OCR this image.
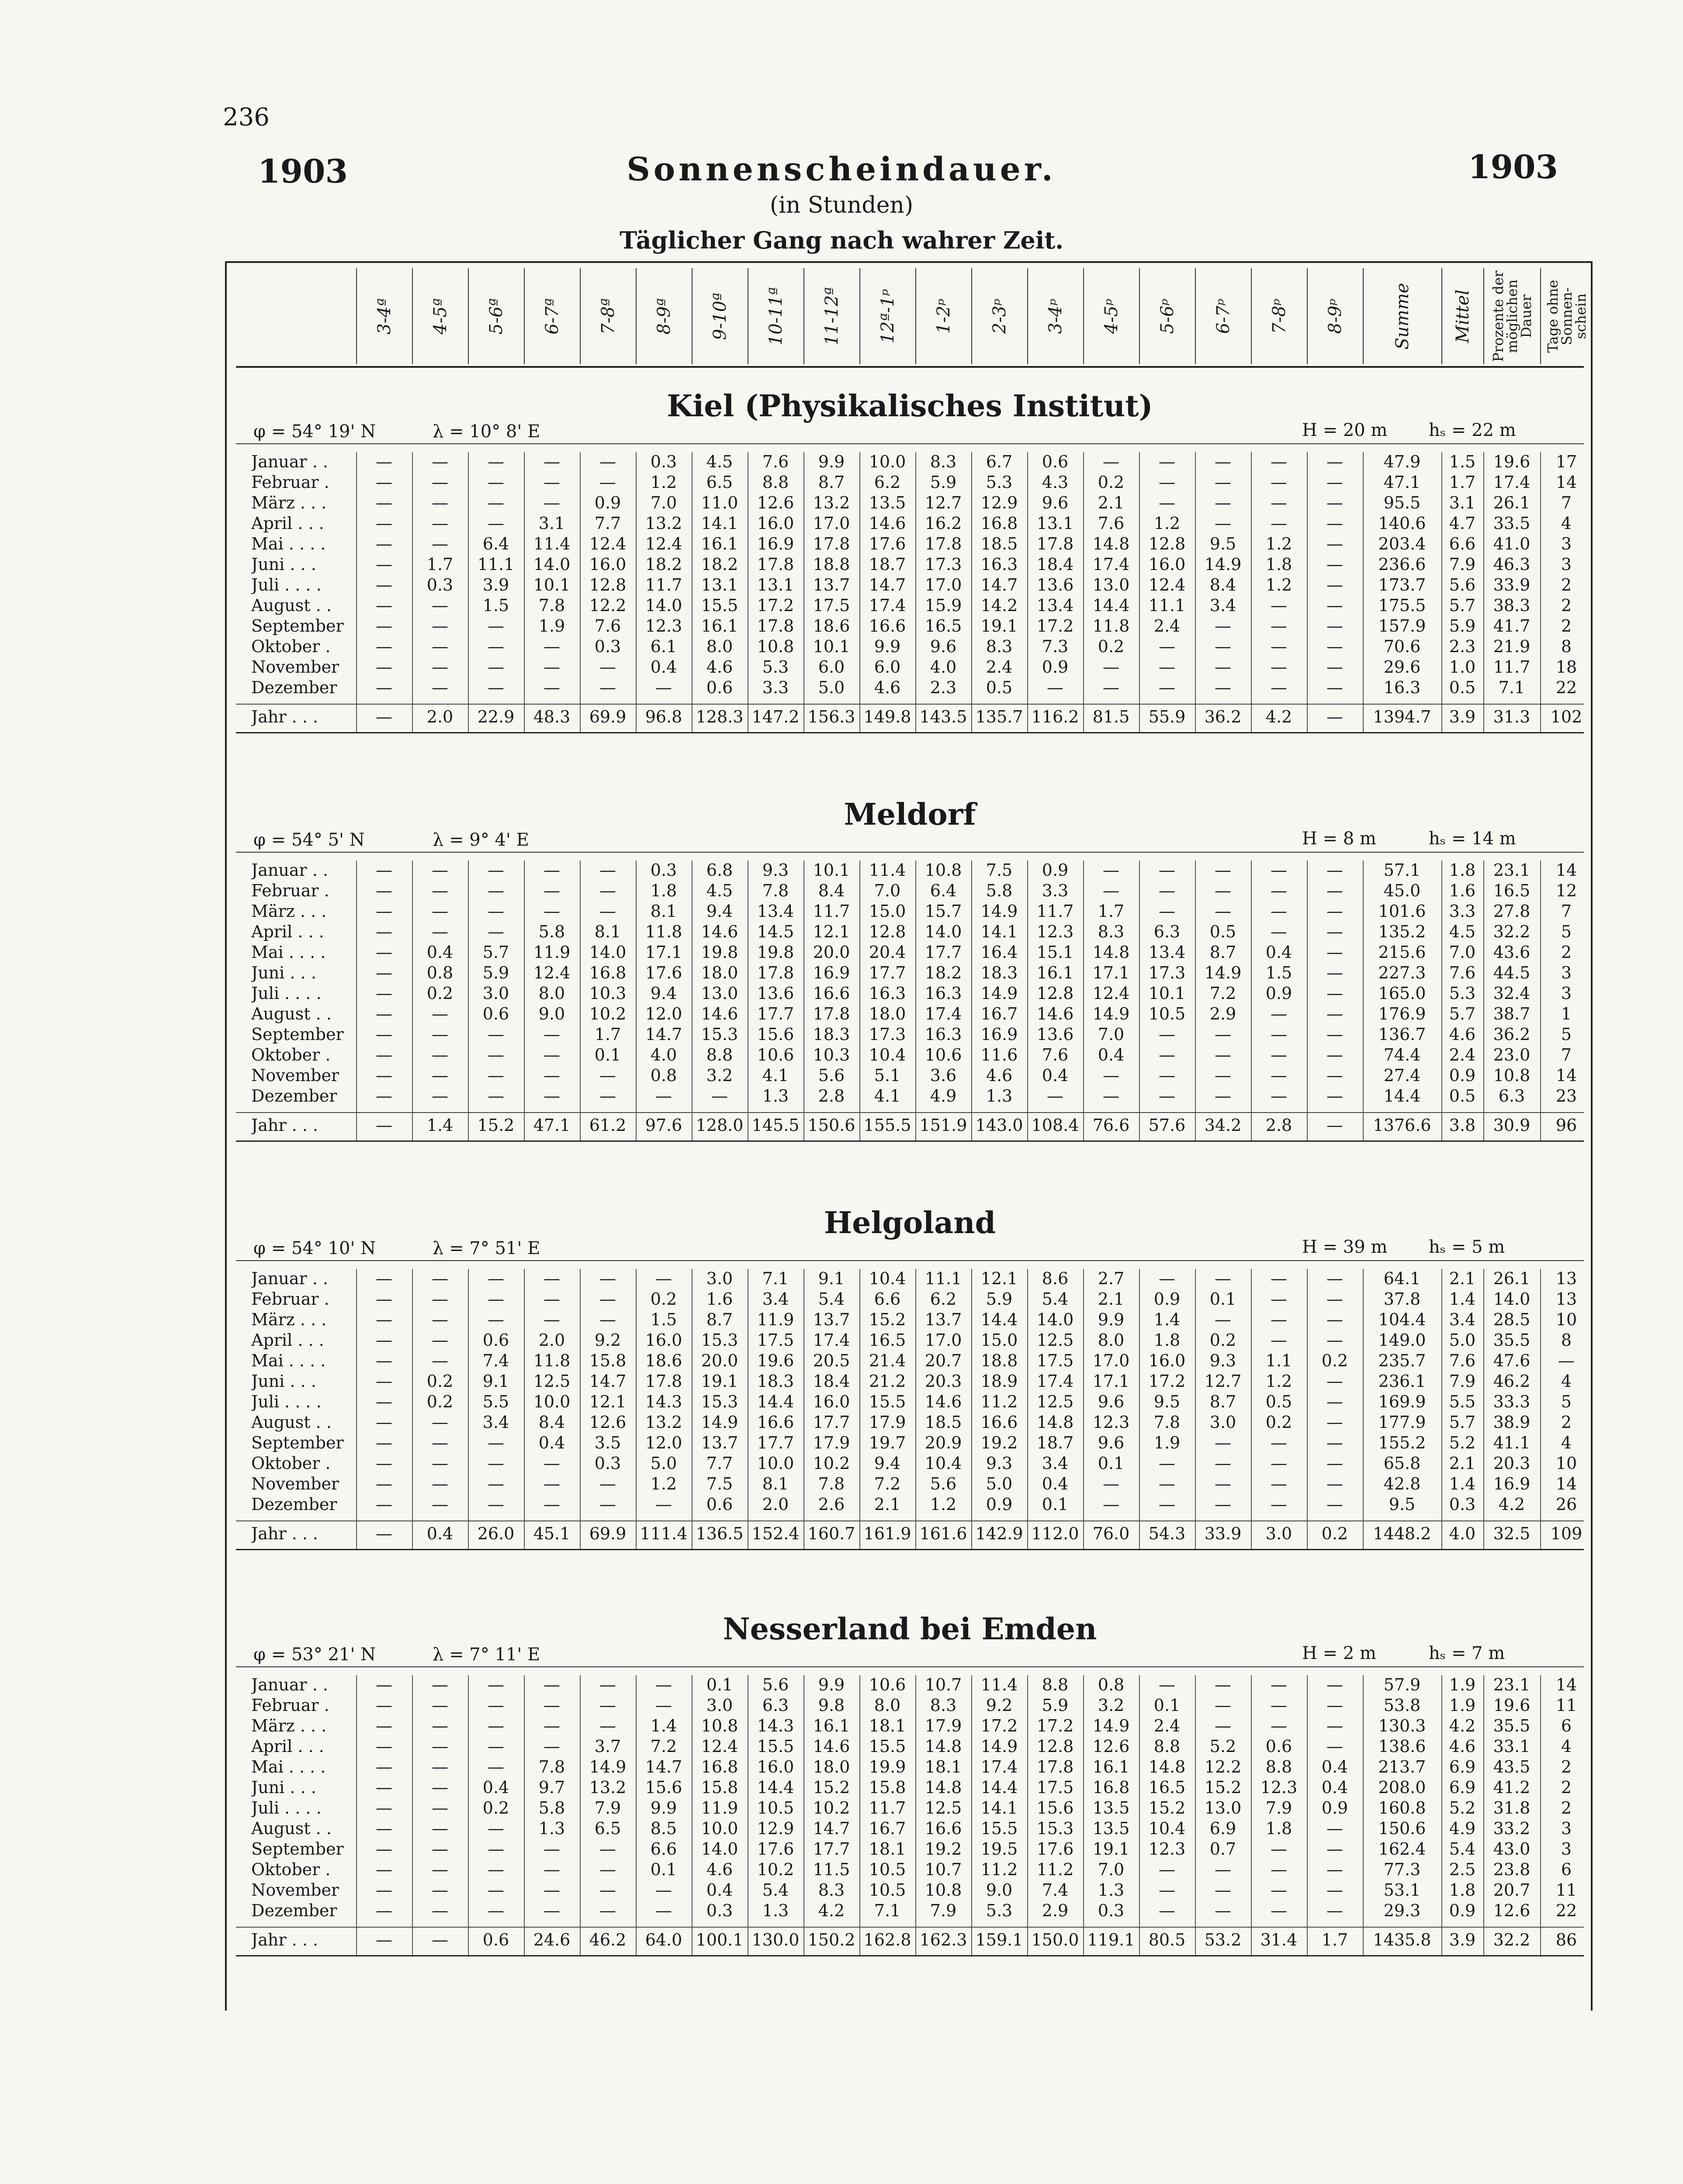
236
1903	Sonnenscheindauer.	1903
(in Stunden)
Täglicher Gang nach wahrer Zeit.
3-4ª 4-5ª 5-6ª 6-7ª 7-8ª 8-9ª 9-10ª 10-11ª 11-12ª 12ª-1ᵖ 1-2ᵖ 2-3ᵖ 3-4ᵖ 4-5ᵖ 5-6ᵖ 6-7ᵖ 7-8ᵖ 8-9ᵖ	Summe Mittel Prozente der möglichen Dauer Tage ohne Sonnen-schein
Kiel (Physikalisches Institut)
φ = 54° 19' N	λ = 10° 8' E	H = 20 m hₛ = 22 m
Januar . .	—	—	—	—	—	0.3	4.5	7.6	9.9	10.0	8.3	6.7	0.6	—	—	—	—	—	47.9	1.5	19.6	17
Februar .	—	—	—	—	—	1.2	6.5	8.8	8.7	6.2	5.9	5.3	4.3	0.2	—	—	—	—	47.1	1.7	17.4	14
März . . .	—	—	—	—	0.9	7.0	11.0	12.6	13.2	13.5	12.7	12.9	9.6	2.1	—	—	—	—	95.5	3.1	26.1	7
April . . .	—	—	—	3.1	7.7	13.2	14.1	16.0	17.0	14.6	16.2	16.8	13.1	7.6	1.2	—	—	—	140.6	4.7	33.5	4
Mai . . . .	—	—	6.4	11.4	12.4	12.4	16.1	16.9	17.8	17.6	17.8	18.5	17.8	14.8	12.8	9.5	1.2	—	203.4	6.6	41.0	3
Juni . . .	—	1.7	11.1	14.0	16.0	18.2	18.2	17.8	18.8	18.7	17.3	16.3	18.4	17.4	16.0	14.9	1.8	—	236.6	7.9	46.3	3
Juli . . . .	—	0.3	3.9	10.1	12.8	11.7	13.1	13.1	13.7	14.7	17.0	14.7	13.6	13.0	12.4	8.4	1.2	—	173.7	5.6	33.9	2
August . .	—	—	1.5	7.8	12.2	14.0	15.5	17.2	17.5	17.4	15.9	14.2	13.4	14.4	11.1	3.4	—	—	175.5	5.7	38.3	2
September	—	—	—	1.9	7.6	12.3	16.1	17.8	18.6	16.6	16.5	19.1	17.2	11.8	2.4	—	—	—	157.9	5.9	41.7	2
Oktober .	—	—	—	—	0.3	6.1	8.0	10.8	10.1	9.9	9.6	8.3	7.3	0.2	—	—	—	—	70.6	2.3	21.9	8
November	—	—	—	—	—	0.4	4.6	5.3	6.0	6.0	4.0	2.4	0.9	—	—	—	—	—	29.6	1.0	11.7	18
Dezember	—	—	—	—	—	—	0.6	3.3	5.0	4.6	2.3	0.5	—	—	—	—	—	—	16.3	0.5	7.1	22
Jahr . . .	—	2.0	22.9	48.3	69.9	96.8 128.3 147.2 156.3 149.8 143.5 135.7 116.2 81.5	55.9	36.2	4.2	—	1394.7	3.9	31.3	102
Meldorf
φ = 54° 5' N	λ = 9° 4' E	H = 8 m	hₛ = 14 m
Januar . .	—	—	—	—	—	0.3	6.8	9.3	10.1	11.4	10.8	7.5	0.9	—	—	—	—	—	57.1	1.8	23.1	14
Februar .	—	—	—	—	—	1.8	4.5	7.8	8.4	7.0	6.4	5.8	3.3	—	—	—	—	—	45.0	1.6	16.5	12
März . . .	—	—	—	—	—	8.1	9.4	13.4	11.7	15.0	15.7	14.9	11.7	1.7	—	—	—	—	101.6	3.3	27.8	7
April . . .	—	—	—	5.8	8.1	11.8	14.6	14.5	12.1	12.8	14.0	14.1	12.3	8.3	6.3	0.5	—	—	135.2	4.5	32.2	5
Mai . . . .	—	0.4	5.7	11.9	14.0	17.1	19.8	19.8	20.0	20.4	17.7	16.4	15.1	14.8	13.4	8.7	0.4	—	215.6	7.0	43.6	2
Juni . . .	—	0.8	5.9	12.4	16.8	17.6	18.0	17.8	16.9	17.7	18.2	18.3	16.1	17.1	17.3	14.9	1.5	—	227.3	7.6	44.5	3
Juli . . . .	—	0.2	3.0	8.0	10.3	9.4	13.0	13.6	16.6	16.3	16.3	14.9	12.8	12.4	10.1	7.2	0.9	—	165.0	5.3	32.4	3
August . .	—	—	0.6	9.0	10.2	12.0	14.6	17.7	17.8	18.0	17.4	16.7	14.6	14.9	10.5	2.9	—	—	176.9	5.7	38.7	1
September	—	—	—	—	1.7	14.7	15.3	15.6	18.3	17.3	16.3	16.9	13.6	7.0	—	—	—	—	136.7	4.6	36.2	5
Oktober .	—	—	—	—	0.1	4.0	8.8	10.6	10.3	10.4	10.6	11.6	7.6	0.4	—	—	—	—	74.4	2.4	23.0	7
November	—	—	—	—	—	0.8	3.2	4.1	5.6	5.1	3.6	4.6	0.4	—	—	—	—	—	27.4	0.9	10.8	14
Dezember	—	—	—	—	—	—	—	1.3	2.8	4.1	4.9	1.3	—	—	—	—	—	—	14.4	0.5	6.3	23
Jahr . . .	—	1.4	15.2	47.1	61.2	97.6 128.0 145.5 150.6 155.5 151.9 143.0 108.4 76.6	57.6	34.2	2.8	—	1376.6	3.8	30.9	96
Helgoland
φ = 54° 10' N	λ = 7° 51' E	H = 39 m hₛ = 5 m
Januar . .	—	—	—	—	—	—	3.0	7.1	9.1	10.4	11.1	12.1	8.6	2.7	—	—	—	—	64.1	2.1	26.1	13
Februar .	—	—	—	—	—	0.2	1.6	3.4	5.4	6.6	6.2	5.9	5.4	2.1	0.9	0.1	—	—	37.8	1.4	14.0	13
März . . .	—	—	—	—	—	1.5	8.7	11.9	13.7	15.2	13.7	14.4	14.0	9.9	1.4	—	—	—	104.4	3.4	28.5	10
April . . .	—	—	0.6	2.0	9.2	16.0	15.3	17.5	17.4	16.5	17.0	15.0	12.5	8.0	1.8	0.2	—	—	149.0	5.0	35.5	8
Mai . . . .	—	—	7.4	11.8	15.8	18.6	20.0	19.6	20.5	21.4	20.7	18.8	17.5	17.0	16.0	9.3	1.1	0.2	235.7	7.6	47.6	—
Juni . . .	—	0.2	9.1	12.5	14.7	17.8	19.1	18.3	18.4	21.2	20.3	18.9	17.4	17.1	17.2	12.7	1.2	—	236.1	7.9	46.2	4
Juli . . . .	—	0.2	5.5	10.0	12.1	14.3	15.3	14.4	16.0	15.5	14.6	11.2	12.5	9.6	9.5	8.7	0.5	—	169.9	5.5	33.3	5
August . .	—	—	3.4	8.4	12.6	13.2	14.9	16.6	17.7	17.9	18.5	16.6	14.8	12.3	7.8	3.0	0.2	—	177.9	5.7	38.9	2
September	—	—	—	0.4	3.5	12.0	13.7	17.7	17.9	19.7	20.9	19.2	18.7	9.6	1.9	—	—	—	155.2	5.2	41.1	4
Oktober .	—	—	—	—	0.3	5.0	7.7	10.0	10.2	9.4	10.4	9.3	3.4	0.1	—	—	—	—	65.8	2.1	20.3	10
November	—	—	—	—	—	1.2	7.5	8.1	7.8	7.2	5.6	5.0	0.4	—	—	—	—	—	42.8	1.4	16.9	14
Dezember	—	—	—	—	—	—	0.6	2.0	2.6	2.1	1.2	0.9	0.1	—	—	—	—	—	9.5	0.3	4.2	26
Jahr . . .	—	0.4	26.0	45.1	69.9 111.4 136.5 152.4 160.7 161.9 161.6 142.9 112.0 76.0	54.3	33.9	3.0	0.2	1448.2	4.0	32.5	109
Nesserland bei Emden
φ = 53° 21' N	λ = 7° 11' E	H = 2 m	hₛ = 7 m
Januar . .	—	—	—	—	—	—	0.1	5.6	9.9	10.6	10.7	11.4	8.8	0.8	—	—	—	—	57.9	1.9	23.1	14
Februar .	—	—	—	—	—	—	3.0	6.3	9.8	8.0	8.3	9.2	5.9	3.2	0.1	—	—	—	53.8	1.9	19.6	11
März . . .	—	—	—	—	—	1.4	10.8	14.3	16.1	18.1	17.9	17.2	17.2	14.9	2.4	—	—	—	130.3	4.2	35.5	6
April . . .	—	—	—	—	3.7	7.2	12.4	15.5	14.6	15.5	14.8	14.9	12.8	12.6	8.8	5.2	0.6	—	138.6	4.6	33.1	4
Mai . . . .	—	—	—	7.8	14.9	14.7	16.8	16.0	18.0	19.9	18.1	17.4	17.8	16.1	14.8	12.2	8.8	0.4	213.7	6.9	43.5	2
Juni . . .	—	—	0.4	9.7	13.2	15.6	15.8	14.4	15.2	15.8	14.8	14.4	17.5	16.8	16.5	15.2	12.3	0.4	208.0	6.9	41.2	2
Juli . . . .	—	—	0.2	5.8	7.9	9.9	11.9	10.5	10.2	11.7	12.5	14.1	15.6	13.5	15.2	13.0	7.9	0.9	160.8	5.2	31.8	2
August . .	—	—	—	1.3	6.5	8.5	10.0	12.9	14.7	16.7	16.6	15.5	15.3	13.5	10.4	6.9	1.8	—	150.6	4.9	33.2	3
September	—	—	—	—	—	6.6	14.0	17.6	17.7	18.1	19.2	19.5	17.6	19.1	12.3	0.7	—	—	162.4	5.4	43.0	3
Oktober .	—	—	—	—	—	0.1	4.6	10.2	11.5	10.5	10.7	11.2	11.2	7.0	—	—	—	—	77.3	2.5	23.8	6
November	—	—	—	—	—	—	0.4	5.4	8.3	10.5	10.8	9.0	7.4	1.3	—	—	—	—	53.1	1.8	20.7	11
Dezember	—	—	—	—	—	—	0.3	1.3	4.2	7.1	7.9	5.3	2.9	0.3	—	—	—	—	29.3	0.9	12.6	22
Jahr . . .	—	—	0.6	24.6	46.2	64.0 100.1 130.0 150.2 162.8 162.3 159.1 150.0 119.1 80.5	53.2	31.4	1.7	1435.8	3.9	32.2	86
